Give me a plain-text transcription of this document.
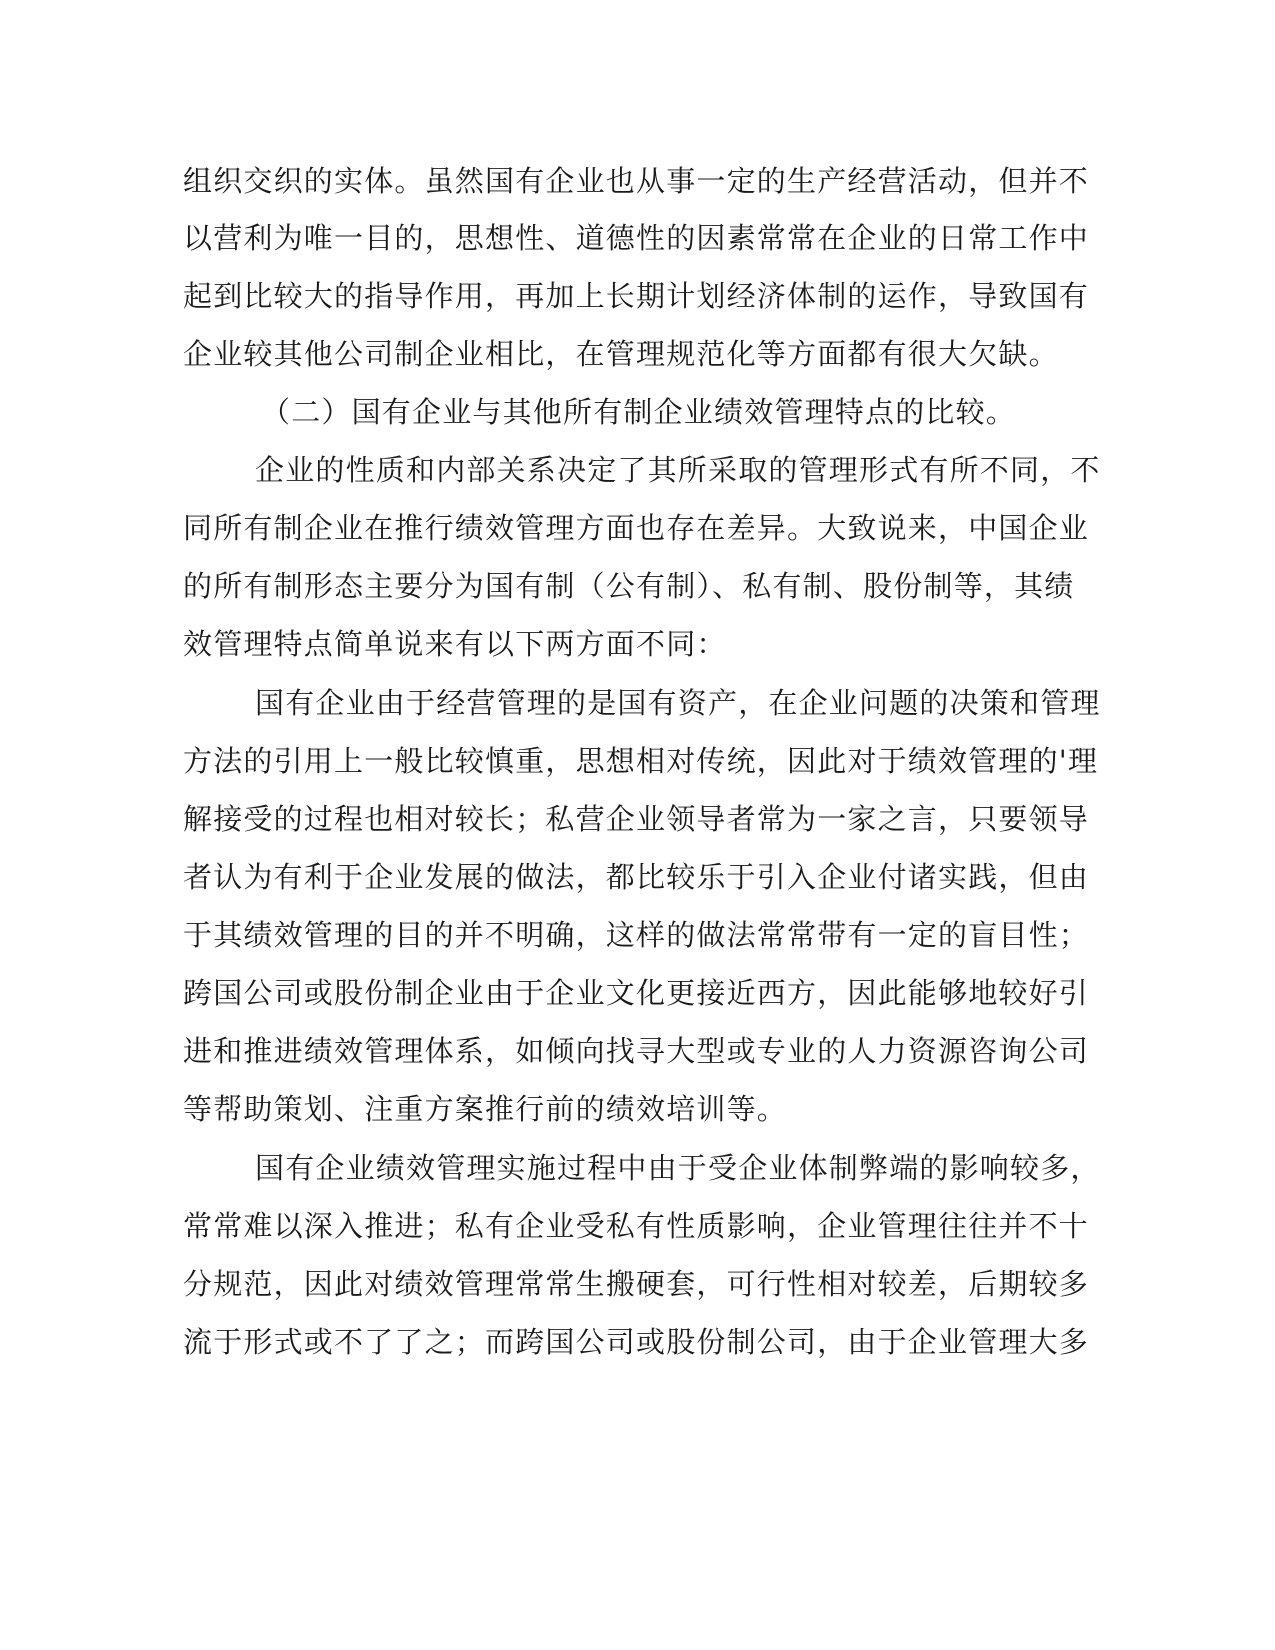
组织交织的实体。虽然国有企业也从事一定的生产经营活动，但并不
以营利为唯一目的，思想性、道德性的因素常常在企业的日常工作中
起到比较大的指导作用，再加上长期计划经济体制的运作，导致国有
企业较其他公司制企业相比，在管理规范化等方面都有很大欠缺。
（二）国有企业与其他所有制企业绩效管理特点的比较。
企业的性质和内部关系决定了其所采取的管理形式有所不同，不
同所有制企业在推行绩效管理方面也存在差异。大致说来，中国企业
的所有制形态主要分为国有制（公有制）、私有制、股份制等，其绩
效管理特点简单说来有以下两方面不同：
国有企业由于经营管理的是国有资产，在企业问题的决策和管理
方法的引用上一般比较慎重，思想相对传统，因此对于绩效管理的'理
解接受的过程也相对较长；私营企业领导者常为一家之言，只要领导
者认为有利于企业发展的做法，都比较乐于引入企业付诸实践，但由
于其绩效管理的目的并不明确，这样的做法常常带有一定的盲目性；
跨国公司或股份制企业由于企业文化更接近西方，因此能够地较好引
进和推进绩效管理体系，如倾向找寻大型或专业的人力资源咨询公司
等帮助策划、注重方案推行前的绩效培训等。
国有企业绩效管理实施过程中由于受企业体制弊端的影响较多，
常常难以深入推进；私有企业受私有性质影响，企业管理往往并不十
分规范，因此对绩效管理常常生搬硬套，可行性相对较差，后期较多
流于形式或不了了之；而跨国公司或股份制公司，由于企业管理大多
